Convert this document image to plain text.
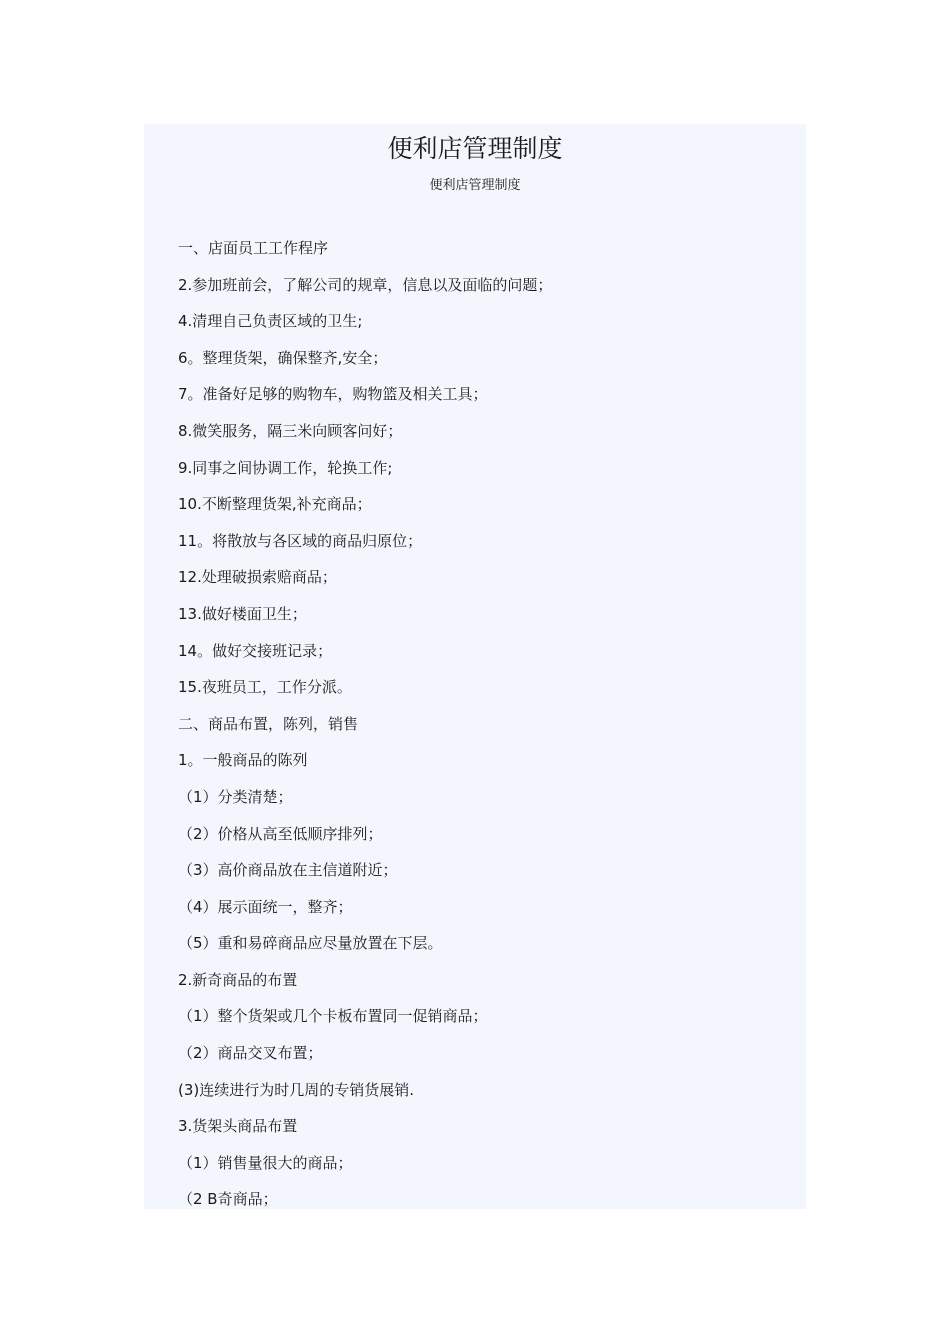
便利店管理制度
便利店管理制度
一、店面员工工作程序
2.参加班前会，了解公司的规章，信息以及面临的问题；
4.清理自己负责区域的卫生;
6。整理货架，确保整齐,安全；
7。准备好足够的购物车，购物篮及相关工具；
8.微笑服务，隔三米向顾客问好；
9.同事之间协调工作，轮换工作;
10.不断整理货架,补充商品；
11。将散放与各区域的商品归原位；
12.处理破损索赔商品；
13.做好楼面卫生；
14。做好交接班记录；
15.夜班员工，工作分派。
二、商品布置，陈列，销售
1。一般商品的陈列
（1）分类清楚；
（2）价格从高至低顺序排列；
（3）高价商品放在主信道附近；
（4）展示面统一，整齐；
（5）重和易碎商品应尽量放置在下层。
2.新奇商品的布置
（1）整个货架或几个卡板布置同一促销商品；
（2）商品交叉布置；
(3)连续进行为时几周的专销货展销.
3.货架头商品布置
（1）销售量很大的商品；
（2 B奇商品；
